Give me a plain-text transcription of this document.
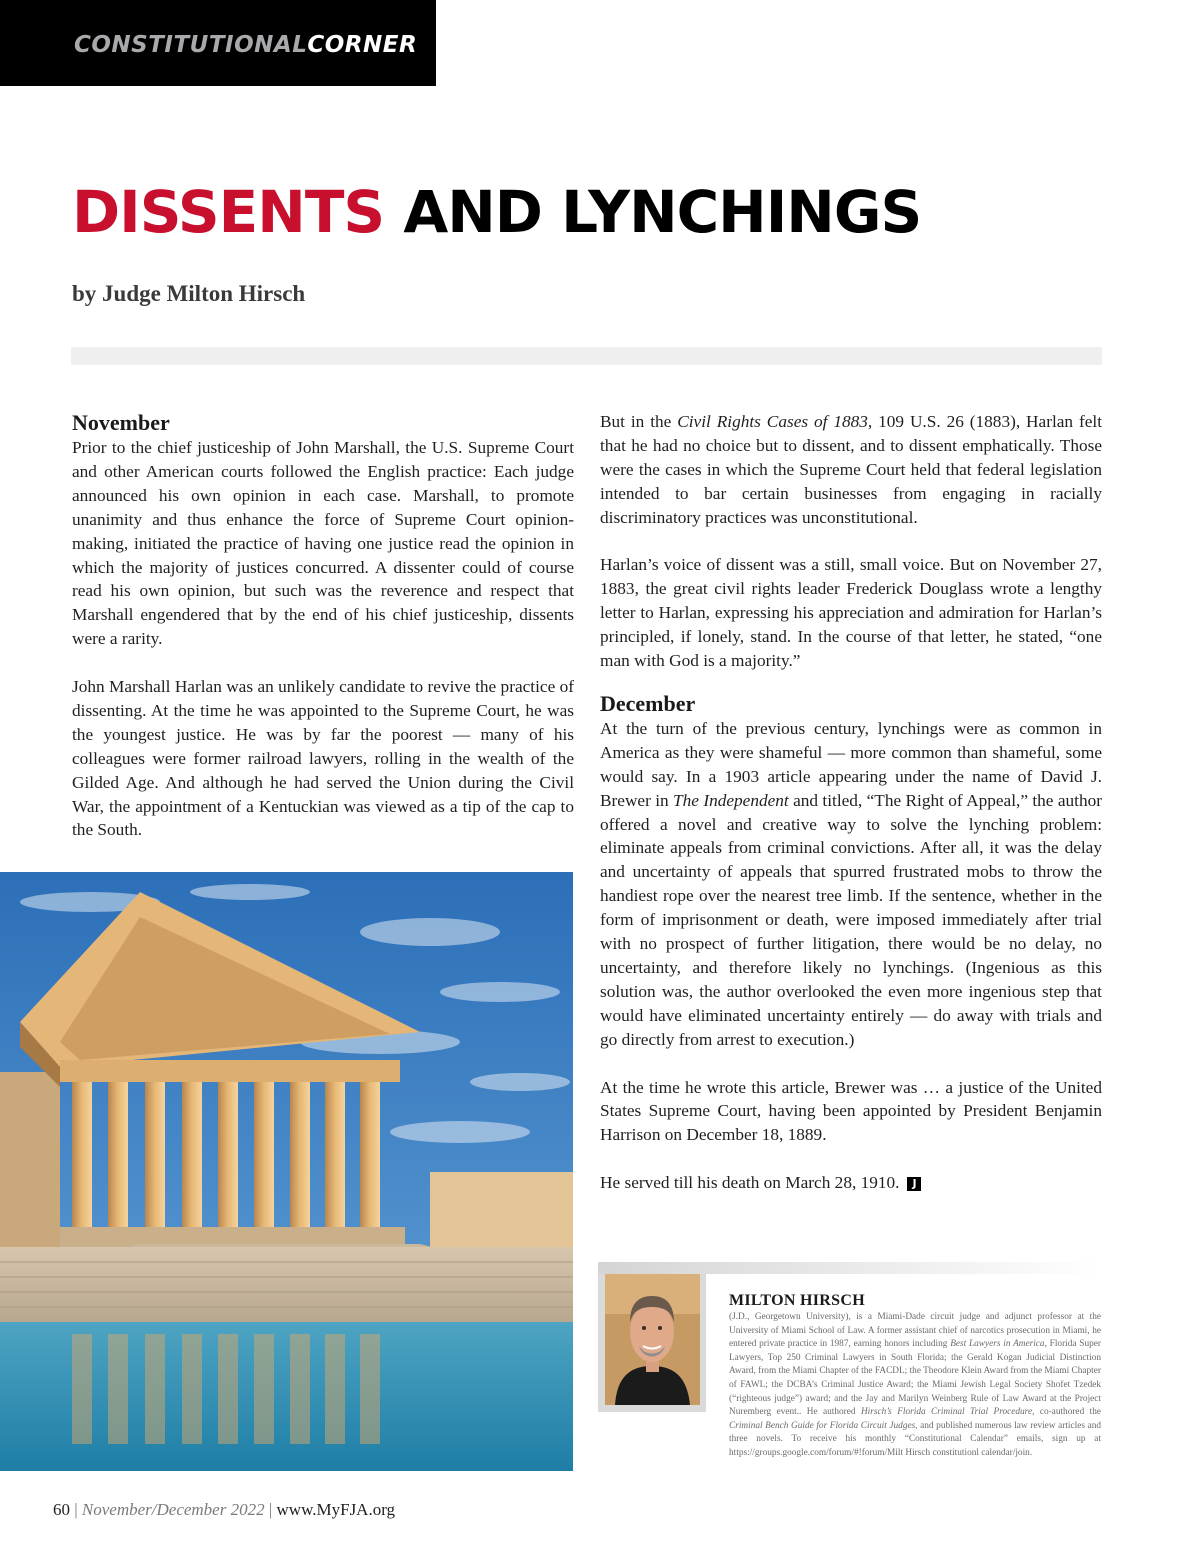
CONSTITUTIONALCORNER
DISSENTS AND LYNCHINGS
by Judge Milton Hirsch
November

Prior to the chief justiceship of John Marshall, the U.S. Supreme Court and other American courts followed the English practice: Each judge announced his own opinion in each case. Marshall, to promote unanimity and thus enhance the force of Supreme Court opinion-making, initiated the practice of having one justice read the opinion in which the majority of justices concurred. A dissenter could of course read his own opinion, but such was the reverence and respect that Marshall engendered that by the end of his chief justiceship, dissents were a rarity.

John Marshall Harlan was an unlikely candidate to revive the practice of dissenting. At the time he was appointed to the Supreme Court, he was the youngest justice. He was by far the poorest — many of his colleagues were former railroad lawyers, rolling in the wealth of the Gilded Age. And although he had served the Union during the Civil War, the appointment of a Kentuckian was viewed as a tip of the cap to the South.

But in the Civil Rights Cases of 1883, 109 U.S. 26 (1883), Harlan felt that he had no choice but to dissent, and to dissent emphatically. Those were the cases in which the Supreme Court held that federal legislation intended to bar certain businesses from engaging in racially discriminatory practices was unconstitutional.

Harlan’s voice of dissent was a still, small voice. But on November 27, 1883, the great civil rights leader Frederick Douglass wrote a lengthy letter to Harlan, expressing his appreciation and admiration for Harlan’s principled, if lonely, stand. In the course of that letter, he stated, “one man with God is a majority.”

December

At the turn of the previous century, lynchings were as common in America as they were shameful — more common than shameful, some would say. In a 1903 article appearing under the name of David J. Brewer in The Independent and titled, “The Right of Appeal,” the author offered a novel and creative way to solve the lynching problem: eliminate appeals from criminal convictions. After all, it was the delay and uncertainty of appeals that spurred frustrated mobs to throw the handiest rope over the nearest tree limb. If the sentence, whether in the form of imprisonment or death, were imposed immediately after trial with no prospect of further litigation, there would be no delay, no uncertainty, and therefore likely no lynchings. (Ingenious as this solution was, the author overlooked the even more ingenious step that would have eliminated uncertainty entirely — do away with trials and go directly from arrest to execution.)

At the time he wrote this article, Brewer was … a justice of the United States Supreme Court, having been appointed by President Benjamin Harrison on December 18, 1889.

He served till his death on March 28, 1910. J

MILTON HIRSCH

(J.D., Georgetown University), is a Miami-Dade circuit judge and adjunct professor at the University of Miami School of Law. A former assistant chief of narcotics prosecution in Miami, he entered private practice in 1987, earning honors including Best Lawyers in America, Florida Super Lawyers, Top 250 Criminal Lawyers in South Florida; the Gerald Kogan Judicial Distinction Award, from the Miami Chapter of the FACDL; the Theodore Klein Award from the Miami Chapter of FAWL; the DCBA’s Criminal Justice Award; the Miami Jewish Legal Society Shofet Tzedek (“righteous judge”) award; and the Jay and Marilyn Weinberg Rule of Law Award at the Project Nuremberg event.. He authored Hirsch’s Florida Criminal Trial Procedure, co-authored the Criminal Bench Guide for Florida Circuit Judges, and published numerous law review articles and three novels. To receive his monthly “Constitutional Calendar” emails, sign up at https://groups.google.com/forum/#!forum/Milt Hirsch constitutionl calendar/join.

60 | November/December 2022 | www.MyFJA.org
